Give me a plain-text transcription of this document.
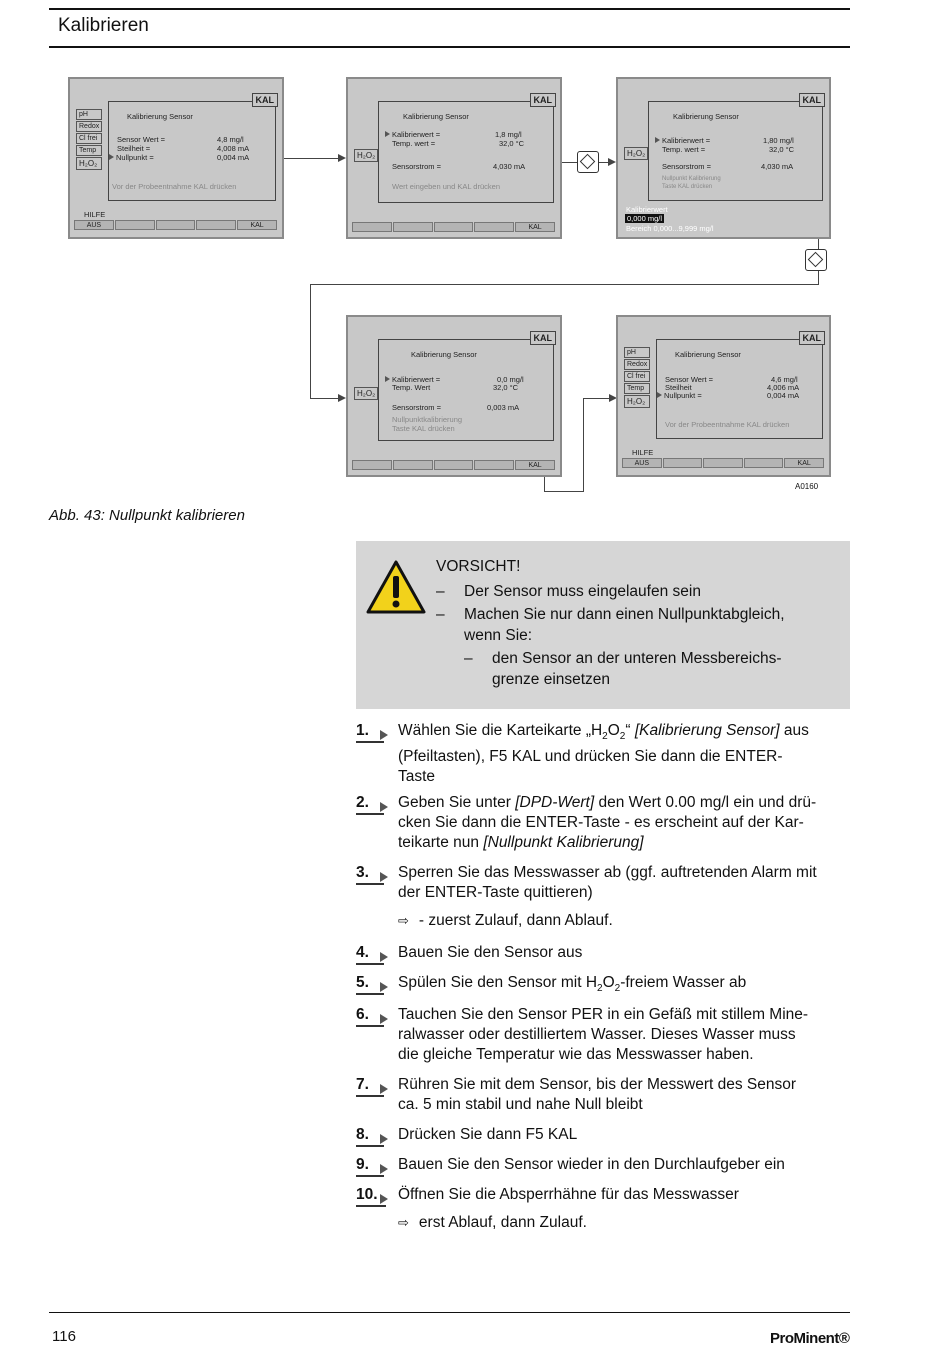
Kalibrieren
pH
Redox
Cl frei
Temp
H₂O₂
Kalibrierung Sensor
Sensor Wert =	4,8 mg/l
Steilheit =	4,008 mA
Nullpunkt =	0,004 mA
Vor der Probeentnahme KAL drücken
KAL
HILFE
AUS	KAL
H₂O₂
Kalibrierung Sensor
Kalibrierwert =	1,8 mg/l
Temp. wert =	32,0 °C
Sensorstrom =	4,030 mA
Wert eingeben und KAL drücken
KAL
KAL
H₂O₂
Kalibrierung Sensor
Kalibrierwert =	1,80 mg/l
Temp. wert =	32,0 °C
Sensorstrom =	4,030 mA
Nullpunkt Kalibrierung
Taste KAL drücken
KAL
Kalibrierwert
0,000 mg/l
Bereich 0,000...9,999 mg/l
H₂O₂
Kalibrierung Sensor
Kalibrierwert =	0,0 mg/l
Temp. Wert	32,0 °C
Sensorstrom =	0,003 mA
Nullpunktkalibrierung
Taste KAL drücken
KAL
KAL
pH
Redox
Cl frei
Temp
H₂O₂
Kalibrierung Sensor
Sensor Wert =	4,6 mg/l
Steilheit	4,006 mA
Nullpunkt =	0,004 mA
Vor der Probeentnahme KAL drücken
KAL
HILFE
AUS	KAL
A0160
Abb. 43: Nullpunkt kalibrieren
VORSICHT!
– Der Sensor muss eingelaufen sein
– Machen Sie nur dann einen Nullpunktabgleich,
wenn Sie:
– den Sensor an der unteren Messbereichs-
grenze einsetzen
1.	Wählen Sie die Karteikarte $„H_2O_2“$ [Kalibrierung Sensor] aus
(Pfeiltasten), F5 KAL und drücken Sie dann die ENTER-
Taste
2.	Geben Sie unter [DPD-Wert] den Wert 0.00 mg/l ein und drü-
cken Sie dann die ENTER-Taste - es erscheint auf der Kar-
teikarte nun [Nullpunkt Kalibrierung]
3.	Sperren Sie das Messwasser ab (ggf. auftretenden Alarm mit
der ENTER-Taste quittieren)
⇨ - zuerst Zulauf, dann Ablauf.
4.	Bauen Sie den Sensor aus
5.	Spülen Sie den Sensor mit $H_2O_2$-freiem Wasser ab
6.	Tauchen Sie den Sensor PER in ein Gefäß mit stillem Mine-
ralwasser oder destilliertem Wasser. Dieses Wasser muss
die gleiche Temperatur wie das Messwasser haben.
7.	Rühren Sie mit dem Sensor, bis der Messwert des Sensor
ca. 5 min stabil und nahe Null bleibt
8.	Drücken Sie dann F5 KAL
9.	Bauen Sie den Sensor wieder in den Durchlaufgeber ein
10.	Öffnen Sie die Absperrhähne für das Messwasser
⇨ erst Ablauf, dann Zulauf.
116	ProMinent®
